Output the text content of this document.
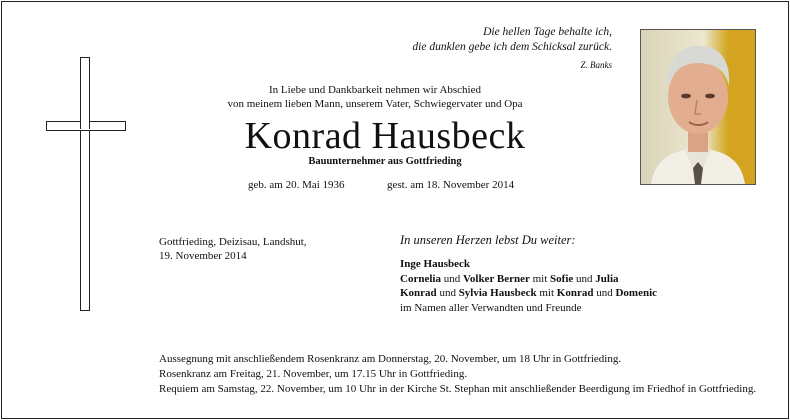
Die hellen Tage behalte ich,
die dunklen gebe ich dem Schicksal zurück.
Z. Banks
In Liebe und Dankbarkeit nehmen wir Abschied
von meinem lieben Mann, unserem Vater, Schwiegervater und Opa
Konrad Hausbeck
Bauunternehmer aus Gottfrieding
geb. am 20. Mai 1936	gest. am 18. November 2014
Gottfrieding, Deizisau, Landshut,
19. November 2014
In unseren Herzen lebst Du weiter:
Inge Hausbeck
Cornelia und Volker Berner mit Sofie und Julia
Konrad und Sylvia Hausbeck mit Konrad und Domenic
im Namen aller Verwandten und Freunde
Aussegnung mit anschließendem Rosenkranz am Donnerstag, 20. November, um 18 Uhr in Gottfrieding.
Rosenkranz am Freitag, 21. November, um 17.15 Uhr in Gottfrieding.
Requiem am Samstag, 22. November, um 10 Uhr in der Kirche St. Stephan mit anschließender Beerdigung im Friedhof in Gottfrieding.
